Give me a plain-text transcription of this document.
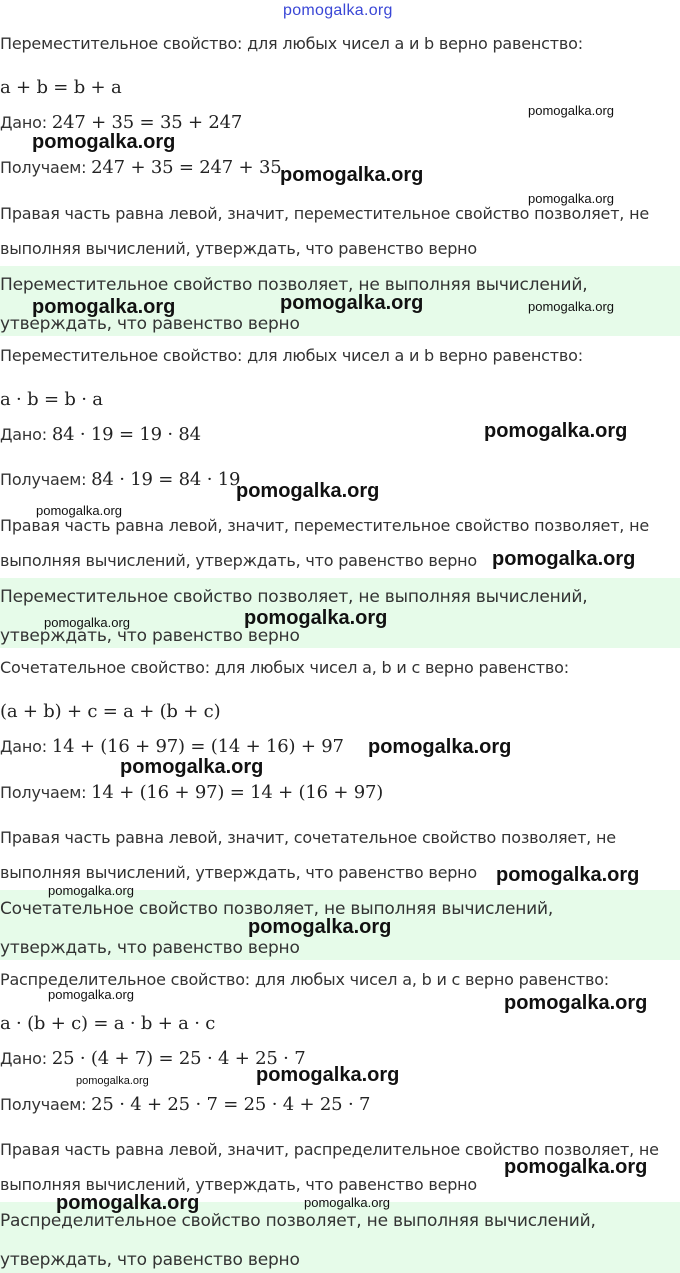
pomogalka.org
Переместительное свойство: для любых чисел a и b верно равенство:
a + b = b + a
Дано: 247 + 35 = 35 + 247
Получаем: 247 + 35 = 247 + 35
Правая часть равна левой, значит, переместительное свойство позволяет, не
выполняя вычислений, утверждать, что равенство верно
Переместительное свойство позволяет, не выполняя вычислений,
утверждать, что равенство верно
Переместительное свойство: для любых чисел a и b верно равенство:
a · b = b · a
Дано: 84 · 19 = 19 · 84
Получаем: 84 · 19 = 84 · 19
Правая часть равна левой, значит, переместительное свойство позволяет, не
выполняя вычислений, утверждать, что равенство верно
Переместительное свойство позволяет, не выполняя вычислений,
утверждать, что равенство верно
Сочетательное свойство: для любых чисел a, b и c верно равенство:
(a + b) + c = a + (b + c)
Дано: 14 + (16 + 97) = (14 + 16) + 97
Получаем: 14 + (16 + 97) = 14 + (16 + 97)
Правая часть равна левой, значит, сочетательное свойство позволяет, не
выполняя вычислений, утверждать, что равенство верно
Сочетательное свойство позволяет, не выполняя вычислений,
утверждать, что равенство верно
Распределительное свойство: для любых чисел a, b и c верно равенство:
a · (b + c) = a · b + a · c
Дано: 25 · (4 + 7) = 25 · 4 + 25 · 7
Получаем: 25 · 4 + 25 · 7 = 25 · 4 + 25 · 7
Правая часть равна левой, значит, распределительное свойство позволяет, не
выполняя вычислений, утверждать, что равенство верно
Распределительное свойство позволяет, не выполняя вычислений,
утверждать, что равенство верно
pomogalka.org
pomogalka.org
pomogalka.org
pomogalka.org
pomogalka.org
pomogalka.org	pomogalka.org
pomogalka.org
pomogalka.org
pomogalka.org
pomogalka.org
pomogalka.org	pomogalka.org
pomogalka.org
pomogalka.org
pomogalka.org
pomogalka.org
pomogalka.org
pomogalka.org	pomogalka.org
pomogalka.org	pomogalka.org
pomogalka.org
pomogalka.org	pomogalka.org
